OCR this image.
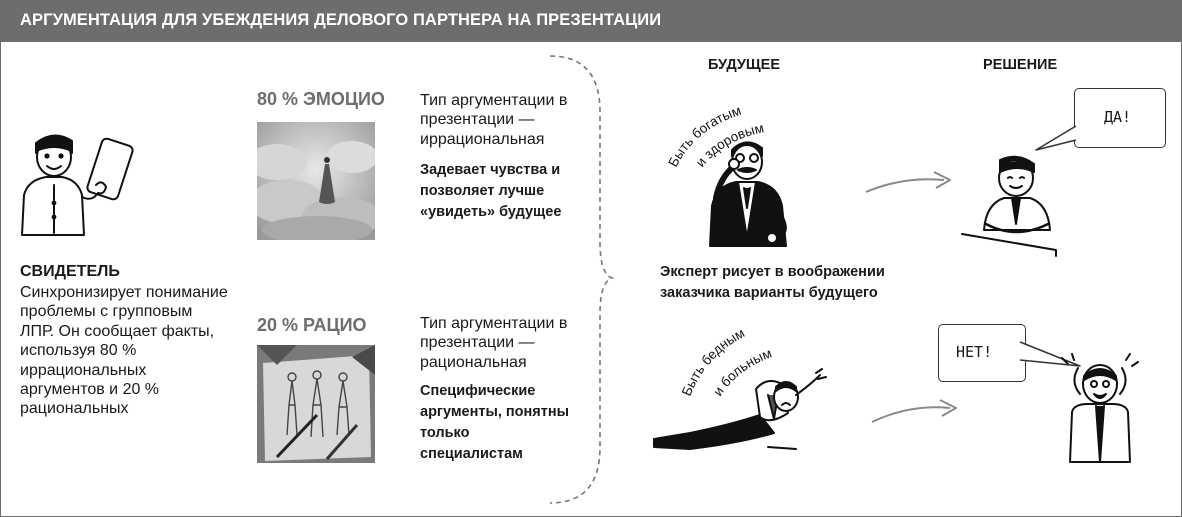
АРГУМЕНТАЦИЯ ДЛЯ УБЕЖДЕНИЯ ДЕЛОВОГО ПАРТНЕРА НА ПРЕЗЕНТАЦИИ
СВИДЕТЕЛЬ
Синхронизирует понимание проблемы с групповым ЛПР. Он сообщает факты, используя 80 % иррациональных аргументов и 20 % рациональных
80 % ЭМОЦИО Тип аргументации в презентации — иррациональная
Задевает чувства и позволяет лучше «увидеть» будущее
20 % РАЦИО	Тип аргументации в презентации — рациональная
Специфические аргументы, понятны только специалистам
БУДУЩЕЕ	РЕШЕНИЕ
Быть богатым
и здоровым
Эксперт рисует в воображении заказчика варианты будущего
Быть бедным
и больным
ДА!
НЕТ!
